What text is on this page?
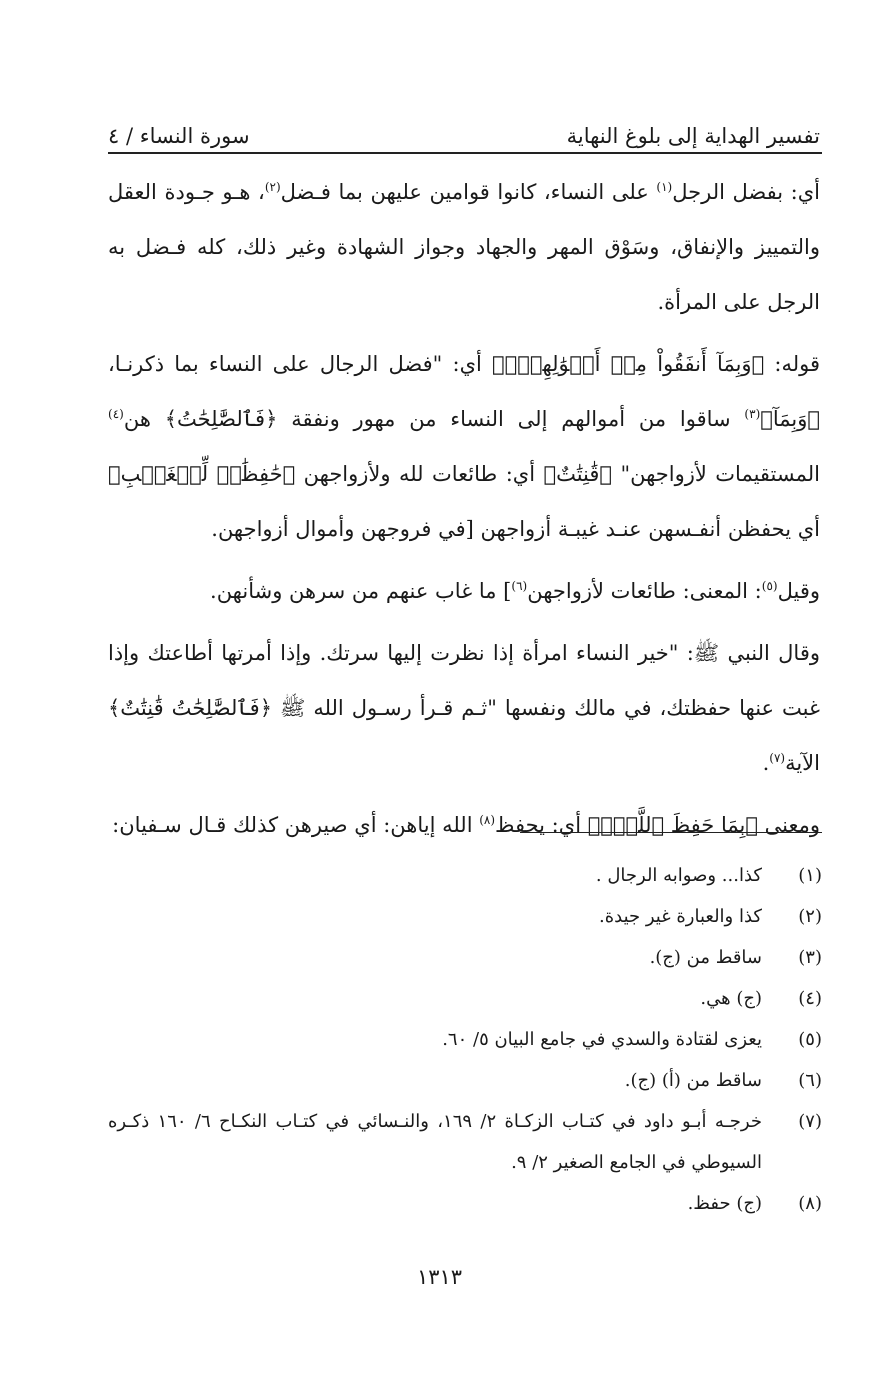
تفسير الهداية إلى بلوغ النهاية
سورة النساء / ٤

أي: بفضل الرجل$^{(١)}$ على النساء، كانوا قوامين عليهن بما فـضل$^{(٢)}$، هـو جـودة العقل والتمييز والإنفاق، وسَوْق المهر والجهاد وجواز الشهادة وغير ذلك، كله فـضل به الرجل على المرأة.

قوله: ﴿وَبِمَآ أَنفَقُواْ مِنۡ أَمۡوَٰلِهِمۡۚ﴾ أي: "فضل الرجال على النساء بما ذكرنـا، ﴿وَبِمَآ﴾$^{(٣)}$ ساقوا من أموالهم إلى النساء من مهور ونفقة ﴿فَٱلصَّٰلِحَٰتُ﴾ هن$^{(٤)}$ المستقيمات لأزواجهن" ﴿قَٰنِتَٰتٌ﴾ أي: طائعات لله ولأزواجهن ﴿حَٰفِظَٰتٞ لِّلۡغَيۡبِ﴾ أي يحفظن أنفـسهن عنـد غيبـة أزواجهن [في فروجهن وأموال أزواجهن.

وقيل$^{(٥)}$: المعنى: طائعات لأزواجهن$^{(٦)}$] ما غاب عنهم من سرهن وشأنهن.

وقال النبي ﷺ: "خير النساء امرأة إذا نظرت إليها سرتك. وإذا أمرتها أطاعتك وإذا غبت عنها حفظتك، في مالك ونفسها "ثـم قـرأ رسـول الله ﷺ ﴿فَٱلصَّٰلِحَٰتُ قَٰنِتَٰتٌ﴾ الآية$^{(٧)}$.

ومعنى ﴿بِمَا حَفِظَ ٱللَّهُۚ﴾ أي: يحفظ$^{(٨)}$ الله إياهن: أي صيرهن كذلك قـال سـفيان:

(١)
كذا... وصوابه الرجال .
(٢)
كذا والعبارة غير جيدة.
(٣)
ساقط من (ج).
(٤)
(ج) هي.
(٥)
يعزى لقتادة والسدي في جامع البيان ٥/ ٦٠.
(٦)
ساقط من (أ) (ج).
(٧)
خرجـه أبـو داود في كتـاب الزكـاة ٢/ ١٦٩، والنـسائي في كتـاب النكـاح ٦/ ١٦٠ ذكـره السيوطي في الجامع الصغير ٢/ ٩.
(٨)
(ج) حفظ.
١٣١٣
